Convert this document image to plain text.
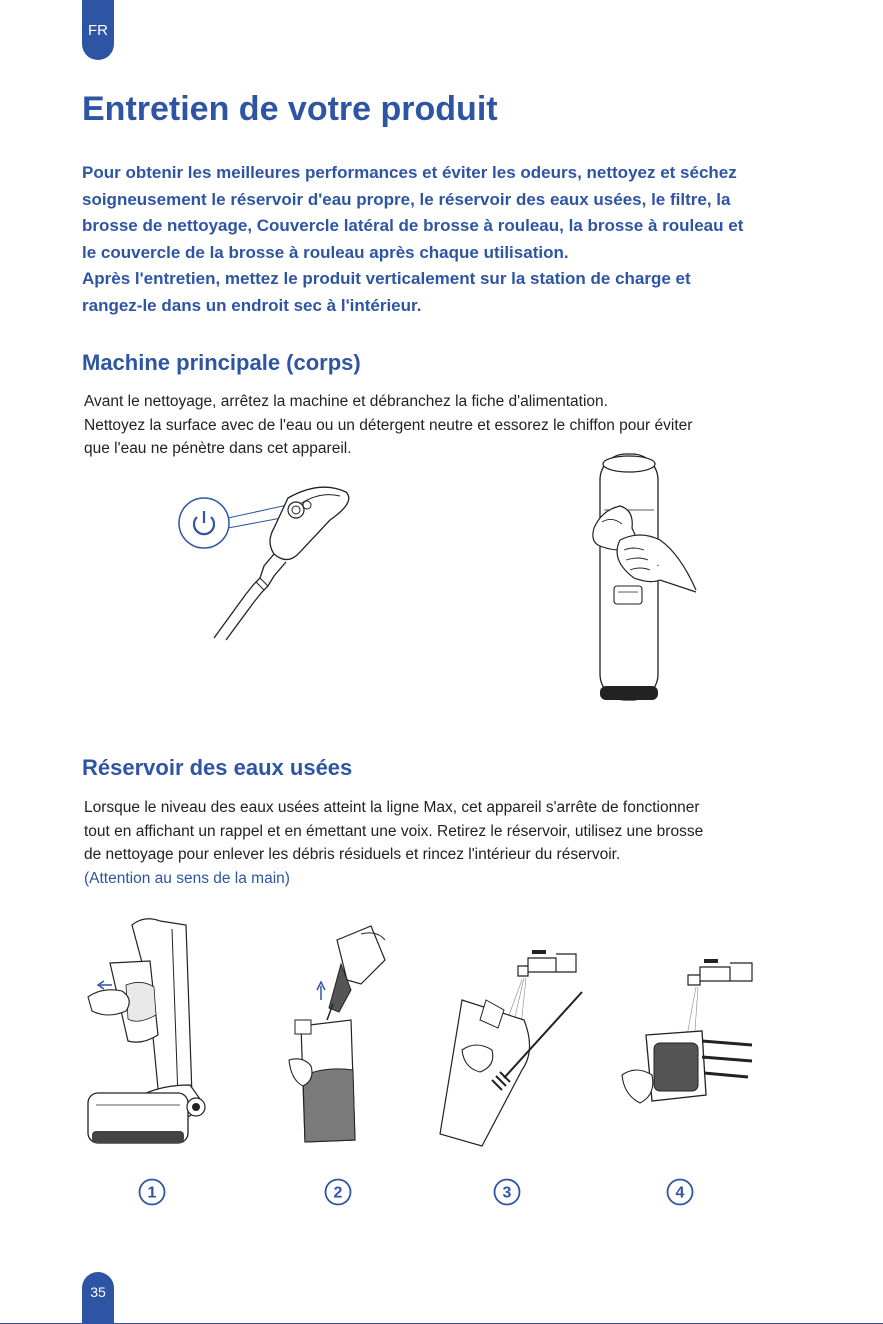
FR
Entretien de votre produit

Pour obtenir les meilleures performances et éviter les odeurs, nettoyez et séchez
soigneusement le réservoir d'eau propre, le réservoir des eaux usées, le filtre, la
brosse de nettoyage, Couvercle latéral de brosse à rouleau, la brosse à rouleau et
le couvercle de la brosse à rouleau après chaque utilisation.
Après l'entretien, mettez le produit verticalement sur la station de charge et
rangez-le dans un endroit sec à l'intérieur.

Machine principale (corps)

Avant le nettoyage, arrêtez la machine et débranchez la fiche d'alimentation.
Nettoyez la surface avec de l'eau ou un détergent neutre et essorez le chiffon pour éviter
que l'eau ne pénètre dans cet appareil.

Réservoir des eaux usées

Lorsque le niveau des eaux usées atteint la ligne Max, cet appareil s'arrête de fonctionner
tout en affichant un rappel et en émettant une voix. Retirez le réservoir, utilisez une brosse
de nettoyage pour enlever les débris résiduels et rincez l'intérieur du réservoir.
(Attention au sens de la main)

1	2	3	4
35
